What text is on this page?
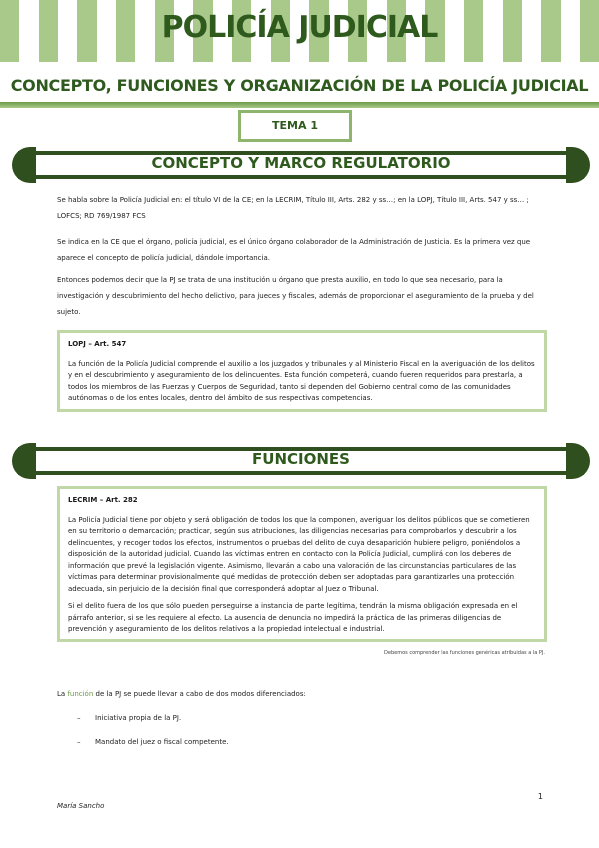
POLICÍA JUDICIAL
CONCEPTO, FUNCIONES Y ORGANIZACIÓN DE LA POLICÍA JUDICIAL
TEMA 1
CONCEPTO Y MARCO REGULATORIO
Se habla sobre la Policía Judicial en: el título VI de la CE; en la LECRIM, Título III, Arts. 282 y ss…; en la LOPJ, Título III, Arts. 547 y ss… ; LOFCS; RD 769/1987 FCS
Se indica en la CE que el órgano, policía judicial, es el único órgano colaborador de la Administración de Justicia. Es la primera vez que aparece el concepto de policía judicial, dándole importancia.
Entonces podemos decir que la PJ se trata de una institución u órgano que presta auxilio, en todo lo que sea necesario, para la investigación y descubrimiento del hecho delictivo, para jueces y fiscales, además de proporcionar el aseguramiento de la prueba y del sujeto.
LOPJ – Art. 547
La función de la Policía Judicial comprende el auxilio a los juzgados y tribunales y al Ministerio Fiscal en la averiguación de los delitos y en el descubrimiento y aseguramiento de los delincuentes. Esta función competerá, cuando fueren requeridos para prestarla, a todos los miembros de las Fuerzas y Cuerpos de Seguridad, tanto si dependen del Gobierno central como de las comunidades autónomas o de los entes locales, dentro del ámbito de sus respectivas competencias.
FUNCIONES
LECRIM – Art. 282
La Policía Judicial tiene por objeto y será obligación de todos los que la componen, averiguar los delitos públicos que se cometieren en su territorio o demarcación; practicar, según sus atribuciones, las diligencias necesarias para comprobarlos y descubrir a los delincuentes, y recoger todos los efectos, instrumentos o pruebas del delito de cuya desaparición hubiere peligro, poniéndolos a disposición de la autoridad judicial. Cuando las víctimas entren en contacto con la Policía Judicial, cumplirá con los deberes de información que prevé la legislación vigente. Asimismo, llevarán a cabo una valoración de las circunstancias particulares de las víctimas para determinar provisionalmente qué medidas de protección deben ser adoptadas para garantizarles una protección adecuada, sin perjuicio de la decisión final que corresponderá adoptar al Juez o Tribunal.
Si el delito fuera de los que sólo pueden perseguirse a instancia de parte legítima, tendrán la misma obligación expresada en el párrafo anterior, si se les requiere al efecto. La ausencia de denuncia no impedirá la práctica de las primeras diligencias de prevención y aseguramiento de los delitos relativos a la propiedad intelectual e industrial.
Debemos comprender las funciones genéricas atribuidas a la PJ.
La función de la PJ se puede llevar a cabo de dos modos diferenciados:
– Iniciativa propia de la PJ.
– Mandato del juez o fiscal competente.
1
María Sancho
